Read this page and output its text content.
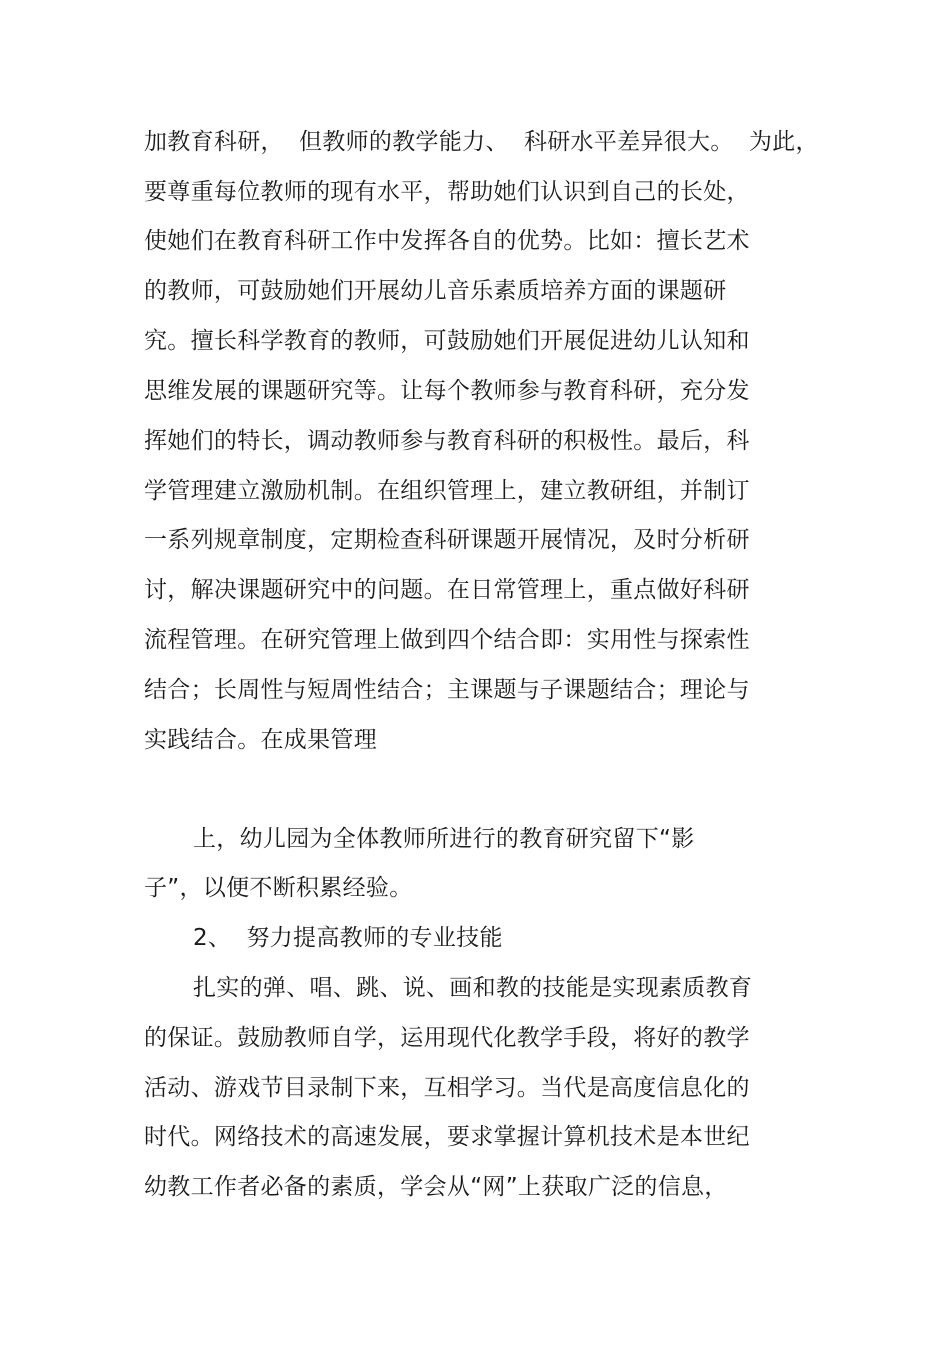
加教育科研，  但教师的教学能力、  科研水平差异很大。  为此，

要尊重每位教师的现有水平，帮助她们认识到自己的长处，

使她们在教育科研工作中发挥各自的优势。比如：擅长艺术

的教师，可鼓励她们开展幼儿音乐素质培养方面的课题研

究。擅长科学教育的教师，可鼓励她们开展促进幼儿认知和

思维发展的课题研究等。让每个教师参与教育科研，充分发

挥她们的特长，调动教师参与教育科研的积极性。最后，科

学管理建立激励机制。在组织管理上，建立教研组，并制订

一系列规章制度，定期检查科研课题开展情况，及时分析研

讨，解决课题研究中的问题。在日常管理上，重点做好科研

流程管理。在研究管理上做到四个结合即：实用性与探索性

结合；长周性与短周性结合；主课题与子课题结合；理论与

实践结合。在成果管理

上，幼儿园为全体教师所进行的教育研究留下“影

子”，以便不断积累经验。

2、  努力提高教师的专业技能

扎实的弹、唱、跳、说、画和教的技能是实现素质教育

的保证。鼓励教师自学，运用现代化教学手段，将好的教学

活动、游戏节目录制下来，互相学习。当代是高度信息化的

时代。网络技术的高速发展，要求掌握计算机技术是本世纪

幼教工作者必备的素质，学会从“网”上获取广泛的信息，
